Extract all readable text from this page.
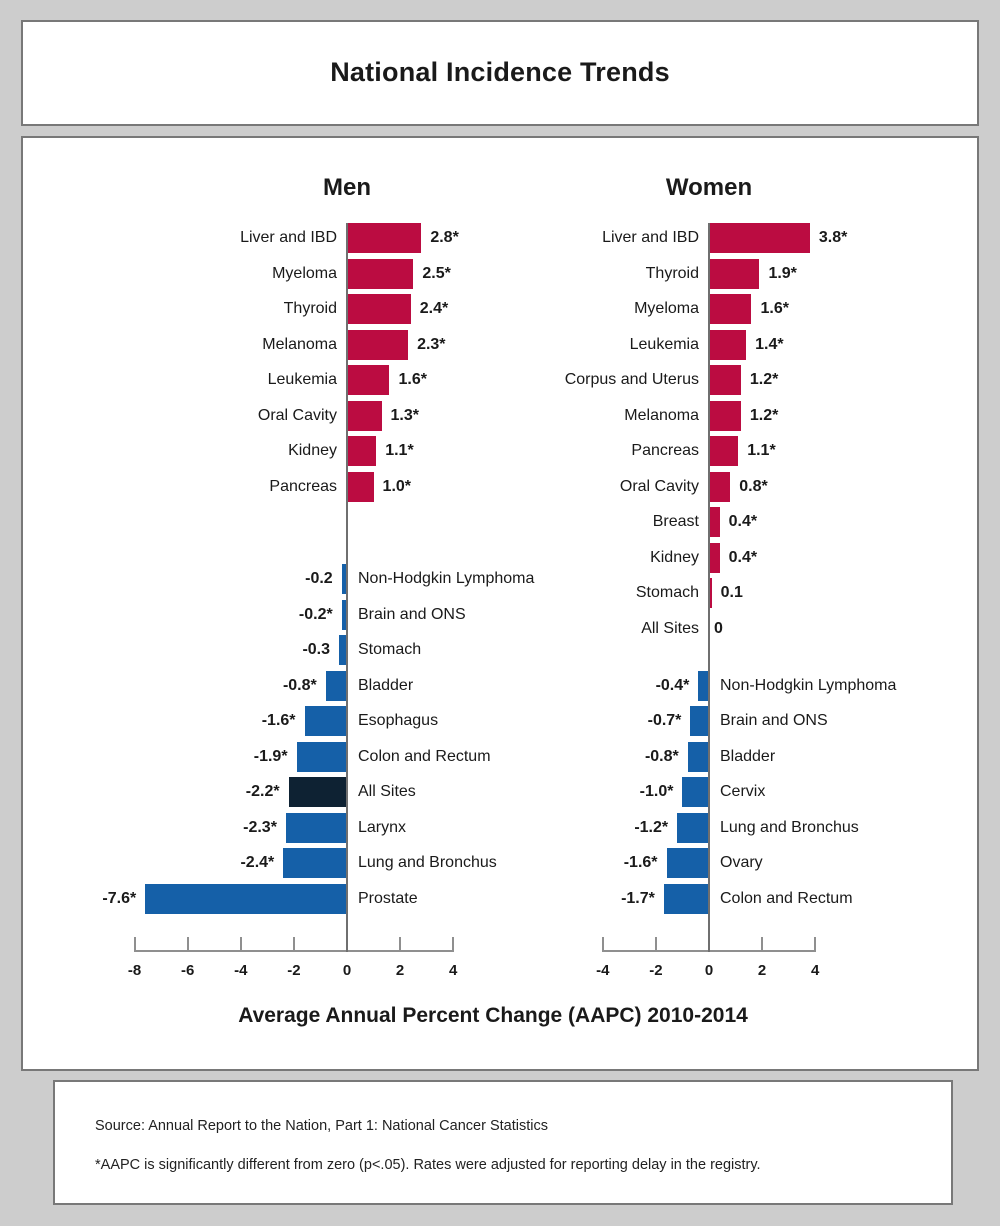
National Incidence Trends
Men	Women
Liver and IBD	2.8*
Myeloma	2.5*
Thyroid	2.4*
Melanoma	2.3*
Leukemia	1.6*
Oral Cavity	1.3*
Kidney	1.1*
Pancreas	1.0*
-0.2 Non-Hodgkin Lymphoma
-0.2* Brain and ONS
-0.3 Stomach
-0.8*	Bladder
-1.6*	Esophagus
-1.9*	Colon and Rectum
-2.2*	All Sites
-2.3*	Larynx
-2.4*	Lung and Bronchus
-7.6*	Prostate
-8	-6	-4	-2	0	2	4
Liver and IBD	3.8*
Thyroid	1.9*
Myeloma	1.6*
Leukemia	1.4*
Corpus and Uterus	1.2*
Melanoma	1.2*
Pancreas	1.1*
Oral Cavity	0.8*
Breast 0.4*
Kidney 0.4*
Stomach 0.1
All Sites 0
-0.4* Non-Hodgkin Lymphoma
-0.7* Brain and ONS
-0.8*	Bladder
-1.0*	Cervix
-1.2*	Lung and Bronchus
-1.6*	Ovary
-1.7*	Colon and Rectum
-4	-2	0	2	4
Average Annual Percent Change (AAPC) 2010-2014
Source: Annual Report to the Nation, Part 1: National Cancer Statistics
*AAPC is significantly different from zero (p<.05). Rates were adjusted for reporting delay in the registry.
